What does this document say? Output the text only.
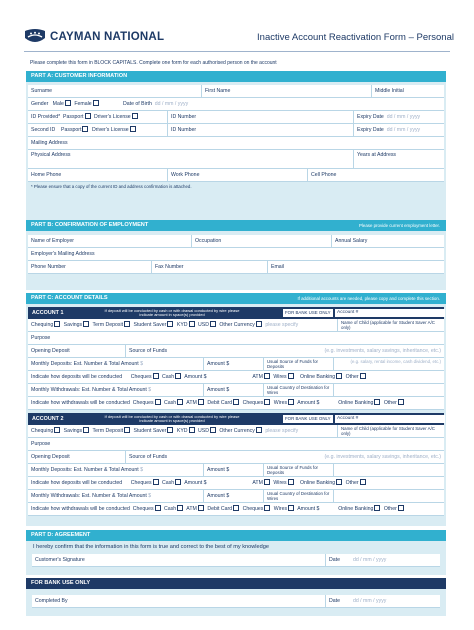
CAYMAN NATIONAL	Inactive Account Reactivation Form – Personal
Please complete this form in BLOCK CAPITALS. Complete one form for each authorised person on the account
PART A: CUSTOMER INFORMATION
Surname	First Name	Middle Initial
Gender Male Female	Date of Birth dd / mm / yyyy
ID Provided* Passport Driver's License	ID Number	Expiry Date dd / mm / yyyy
Second ID Passport Driver's License	ID Number	Expiry Date dd / mm / yyyy
Mailing Address
Physical Address	Years at Address
Home Phone	Work Phone	Cell Phone
* Please ensure that a copy of the current ID and address confirmation is attached.
PART B: CONFIRMATION OF EMPLOYMENT	Please provide current employment letter.
Name of Employer	Occupation	Annual Salary
Employer's Mailing Address
Phone Number	Fax Number	Email
PART C: ACCOUNT DETAILS	If additional accounts are needed, please copy and complete this section.
ACCOUNT 1	If deposit will be conducted by cash or with drawal conducted by wire please indicate amount in space(s) provided	FOR BANK USE ONLY	Account #
Chequing Savings Term Deposit Student Saver KYD USD Other Currency please specify	Name of Child (applicable for Student Saver A/C only)
Purpose
Opening Deposit	Source of Funds	(e.g. investments, salary savings, inheritance, etc.)
Monthly Deposits: Est. Number & Total Amount $	Amount $	Usual Source of Funds for Deposits
(e.g. salary, rental income, cash dividend, etc.)
Indicate how deposits will be conducted Cheques Cash Amount $	ATM Wires	Online Banking Other
Monthly Withdrawals: Est. Number & Total Amount $	Amount $	Usual Country of Destination for Wires
Indicate how withdrawals will be conducted Cheques Cash ATM Debit Card Cheques Wires Amount $	Online Banking Other
ACCOUNT 2	If deposit will be conducted by cash or with drawal conducted by wire please indicate amount in space(s) provided	FOR BANK USE ONLY	Account #
Chequing Savings Term Deposit Student Saver KYD USD Other Currency please specify	Name of Child (applicable for Student Saver A/C only)
Purpose
Opening Deposit	Source of Funds	(e.g. investments, salary savings, inheritance, etc.)
Monthly Deposits: Est. Number & Total Amount $	Amount $	Usual Source of Funds for Deposits
Indicate how deposits will be conducted Cheques Cash Amount $	ATM Wires	Online Banking Other
Monthly Withdrawals: Est. Number & Total Amount $	Amount $	Usual Country of Destination for Wires
Indicate how withdrawals will be conducted Cheques Cash ATM Debit Card Cheques Wires Amount $	Online Banking Other
PART D: AGREEMENT
I hereby confirm that the information in this form is true and correct to the best of my knowledge
Customer's Signature	Date dd / mm / yyyy
FOR BANK USE ONLY
Completed By	Date dd / mm / yyyy
